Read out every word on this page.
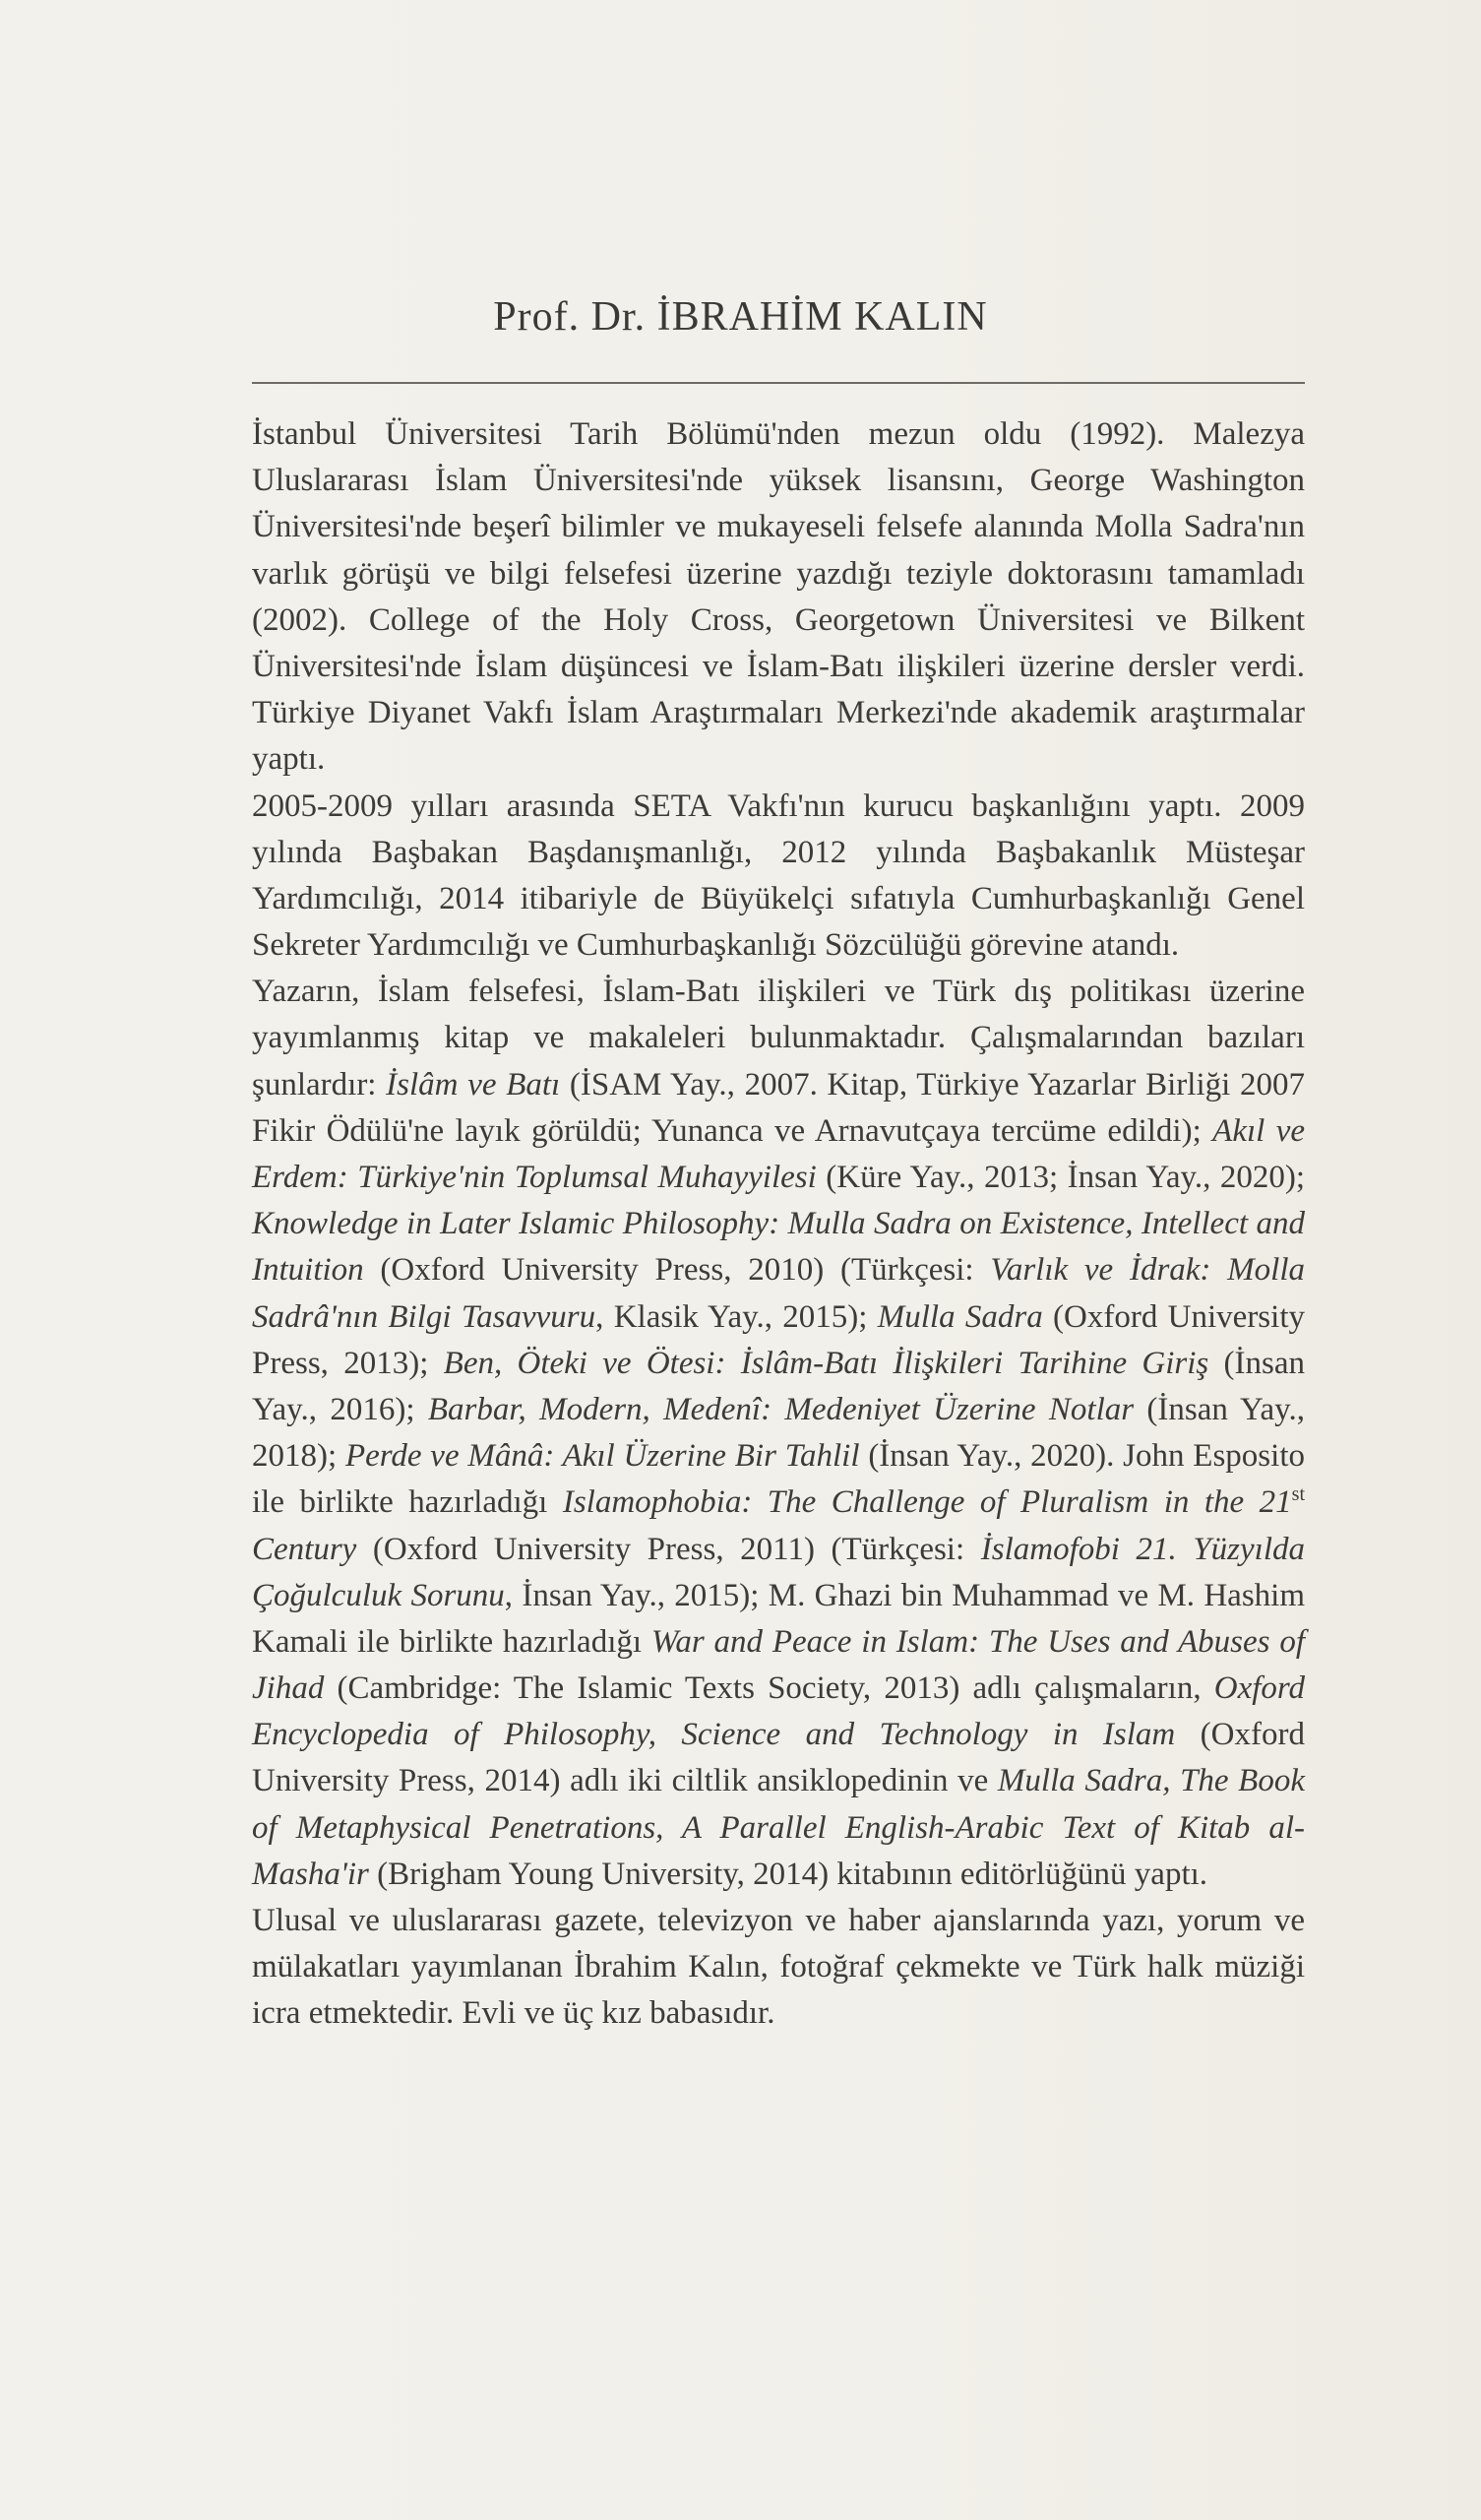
Prof. Dr. İBRAHİM KALIN

İstanbul Üniversitesi Tarih Bölümü'nden mezun oldu (1992). Malezya Uluslararası İslam Üniversitesi'nde yüksek lisansını, George Washington Üniversitesi'nde beşerî bilimler ve mukayeseli felsefe alanında Molla Sadra'nın varlık görüşü ve bilgi felsefesi üzerine yazdığı teziyle doktorasını tamamladı (2002). College of the Holy Cross, Georgetown Üniversitesi ve Bilkent Üniversitesi'nde İslam düşüncesi ve İslam-Batı ilişkileri üzerine dersler verdi. Türkiye Diyanet Vakfı İslam Araştırmaları Merkezi'nde akademik araştırmalar yaptı.

2005-2009 yılları arasında SETA Vakfı'nın kurucu başkanlığını yaptı. 2009 yılında Başbakan Başdanışmanlığı, 2012 yılında Başbakanlık Müsteşar Yardımcılığı, 2014 itibariyle de Büyükelçi sıfatıyla Cumhurbaşkanlığı Genel Sekreter Yardımcılığı ve Cumhurbaşkanlığı Sözcülüğü görevine atandı.

Yazarın, İslam felsefesi, İslam-Batı ilişkileri ve Türk dış politikası üzerine yayımlanmış kitap ve makaleleri bulunmaktadır. Çalışmalarından bazıları şunlardır: İslâm ve Batı (İSAM Yay., 2007. Kitap, Türkiye Yazarlar Birliği 2007 Fikir Ödülü'ne layık görüldü; Yunanca ve Arnavutçaya tercüme edildi); Akıl ve Erdem: Türkiye'nin Toplumsal Muhayyilesi (Küre Yay., 2013; İnsan Yay., 2020); Knowledge in Later Islamic Philosophy: Mulla Sadra on Existence, Intellect and Intuition (Oxford University Press, 2010) (Türkçesi: Varlık ve İdrak: Molla Sadrâ'nın Bilgi Tasavvuru, Klasik Yay., 2015); Mulla Sadra (Oxford University Press, 2013); Ben, Öteki ve Ötesi: İslâm-Batı İlişkileri Tarihine Giriş (İnsan Yay., 2016); Barbar, Modern, Medenî: Medeniyet Üzerine Notlar (İnsan Yay., 2018); Perde ve Mânâ: Akıl Üzerine Bir Tahlil (İnsan Yay., 2020). John Esposito ile birlikte hazırladığı Islamophobia: The Challenge of Pluralism in the 21st Century (Oxford University Press, 2011) (Türkçesi: İslamofobi 21. Yüzyılda Çoğulculuk Sorunu, İnsan Yay., 2015); M. Ghazi bin Muhammad ve M. Hashim Kamali ile birlikte hazırladığı War and Peace in Islam: The Uses and Abuses of Jihad (Cambridge: The Islamic Texts Society, 2013) adlı çalışmaların, Oxford Encyclopedia of Philosophy, Science and Technology in Islam (Oxford University Press, 2014) adlı iki ciltlik ansiklopedinin ve Mulla Sadra, The Book of Metaphysical Penetrations, A Parallel English-Arabic Text of Kitab al-Masha'ir (Brigham Young University, 2014) kitabının editörlüğünü yaptı.

Ulusal ve uluslararası gazete, televizyon ve haber ajanslarında yazı, yorum ve mülakatları yayımlanan İbrahim Kalın, fotoğraf çekmekte ve Türk halk müziği icra etmektedir. Evli ve üç kız babasıdır.
